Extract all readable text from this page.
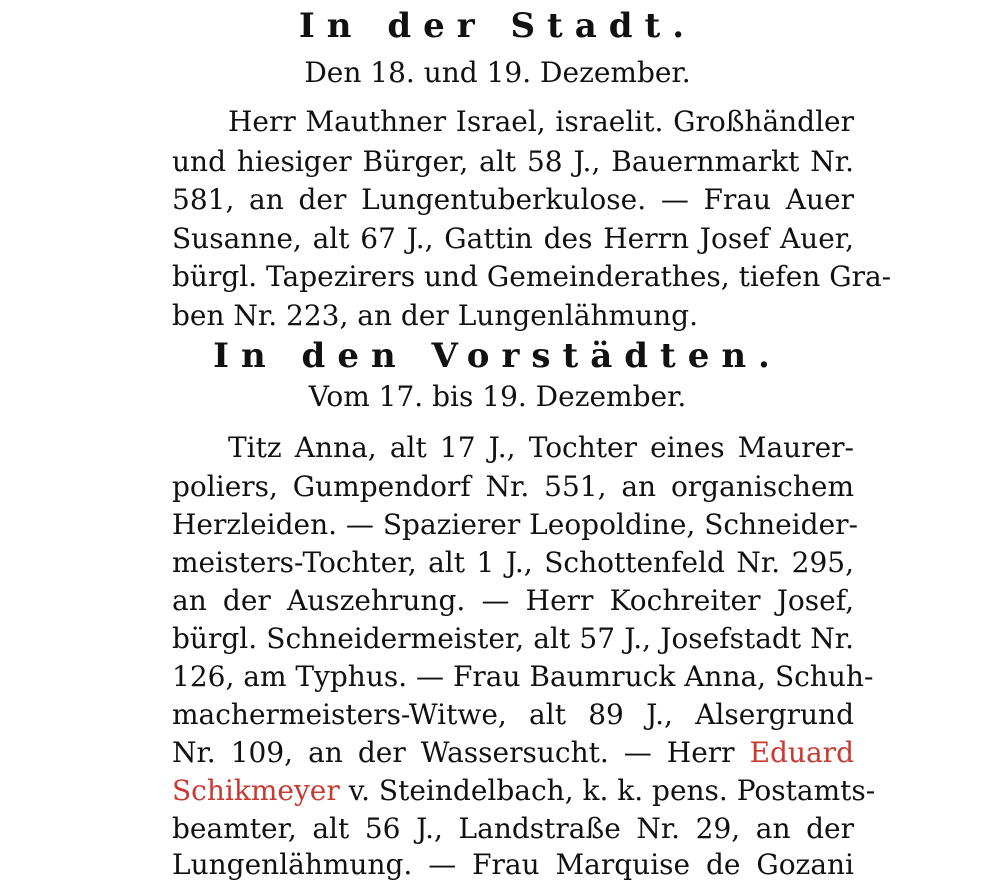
In der Stadt.
Den 18. und 19. Dezember.
Herr Mauthner Israel, israelit. Großhändler
und hiesiger Bürger, alt 58 J., Bauernmarkt Nr.
581, an der Lungentuberkulose. — Frau Auer
Susanne, alt 67 J., Gattin des Herrn Josef Auer,
bürgl. Tapezirers und Gemeinderathes, tiefen Gra-
ben Nr. 223, an der Lungenlähmung.
In den Vorstädten.
Vom 17. bis 19. Dezember.
Titz Anna, alt 17 J., Tochter eines Maurer-
poliers, Gumpendorf Nr. 551, an organischem
Herzleiden. — Spazierer Leopoldine, Schneider-
meisters-Tochter, alt 1 J., Schottenfeld Nr. 295,
an der Auszehrung. — Herr Kochreiter Josef,
bürgl. Schneidermeister, alt 57 J., Josefstadt Nr.
126, am Typhus. — Frau Baumruck Anna, Schuh-
machermeisters-Witwe, alt 89 J., Alsergrund
Nr. 109, an der Wassersucht. — Herr Eduard
Schikmeyer v. Steindelbach, k. k. pens. Postamts-
beamter, alt 56 J., Landstraße Nr. 29, an der
Lungenlähmung. — Frau Marquise de Gozani
